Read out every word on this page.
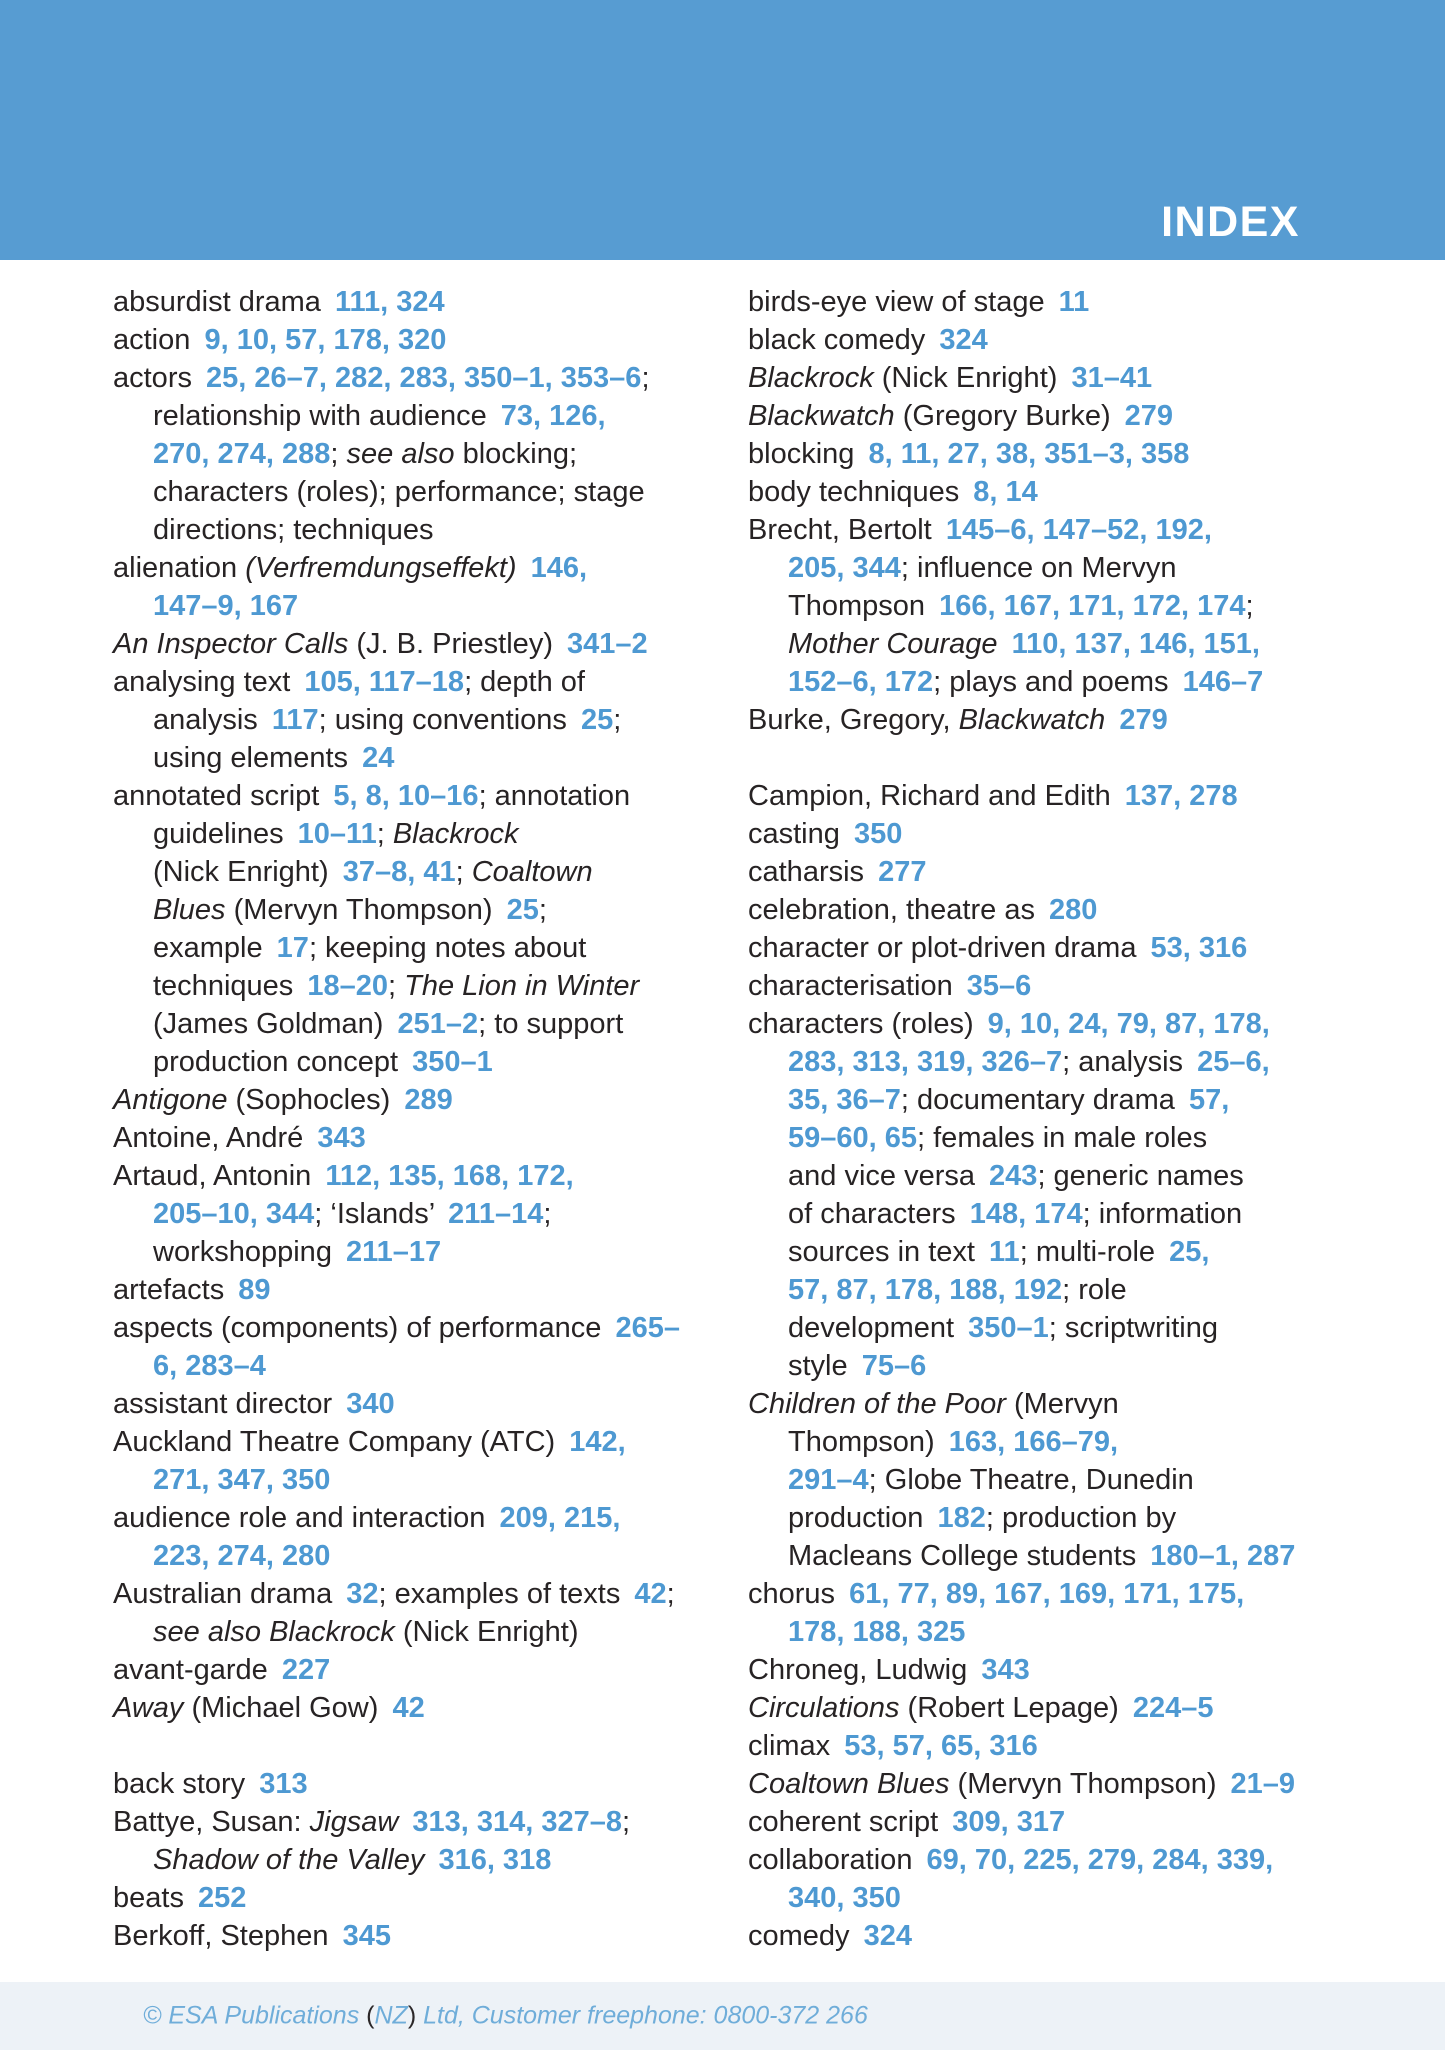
INDEX
absurdist drama 111, 324
action 9, 10, 57, 178, 320
actors 25, 26–7, 282, 283, 350–1, 353–6;
relationship with audience 73, 126,
270, 274, 288; see also blocking;
characters (roles); performance; stage
directions; techniques
alienation (Verfremdungseffekt) 146,
147–9, 167
An Inspector Calls (J. B. Priestley) 341–2
analysing text 105, 117–18; depth of
analysis 117; using conventions 25;
using elements 24
annotated script 5, 8, 10–16; annotation
guidelines 10–11; Blackrock
(Nick Enright) 37–8, 41; Coaltown
Blues (Mervyn Thompson) 25;
example 17; keeping notes about
techniques 18–20; The Lion in Winter
(James Goldman) 251–2; to support
production concept 350–1
Antigone (Sophocles) 289
Antoine, André 343
Artaud, Antonin 112, 135, 168, 172,
205–10, 344; ‘Islands’ 211–14;
workshopping 211–17
artefacts 89
aspects (components) of performance 265–
6, 283–4
assistant director 340
Auckland Theatre Company (ATC) 142,
271, 347, 350
audience role and interaction 209, 215,
223, 274, 280
Australian drama 32; examples of texts 42;
see also Blackrock (Nick Enright)
avant-garde 227
Away (Michael Gow) 42
back story 313
Battye, Susan: Jigsaw 313, 314, 327–8;
Shadow of the Valley 316, 318
beats 252
Berkoff, Stephen 345
birds-eye view of stage 11
black comedy 324
Blackrock (Nick Enright) 31–41
Blackwatch (Gregory Burke) 279
blocking 8, 11, 27, 38, 351–3, 358
body techniques 8, 14
Brecht, Bertolt 145–6, 147–52, 192,
205, 344; influence on Mervyn
Thompson 166, 167, 171, 172, 174;
Mother Courage 110, 137, 146, 151,
152–6, 172; plays and poems 146–7
Burke, Gregory, Blackwatch 279
Campion, Richard and Edith 137, 278
casting 350
catharsis 277
celebration, theatre as 280
character or plot-driven drama 53, 316
characterisation 35–6
characters (roles) 9, 10, 24, 79, 87, 178,
283, 313, 319, 326–7; analysis 25–6,
35, 36–7; documentary drama 57,
59–60, 65; females in male roles
and vice versa 243; generic names
of characters 148, 174; information
sources in text 11; multi-role 25,
57, 87, 178, 188, 192; role
development 350–1; scriptwriting
style 75–6
Children of the Poor (Mervyn
Thompson) 163, 166–79,
291–4; Globe Theatre, Dunedin
production 182; production by
Macleans College students 180–1, 287
chorus 61, 77, 89, 167, 169, 171, 175,
178, 188, 325
Chroneg, Ludwig 343
Circulations (Robert Lepage) 224–5
climax 53, 57, 65, 316
Coaltown Blues (Mervyn Thompson) 21–9
coherent script 309, 317
collaboration 69, 70, 225, 279, 284, 339,
340, 350
comedy 324

© ESA Publications (NZ) Ltd, Customer freephone: 0800-372 266
